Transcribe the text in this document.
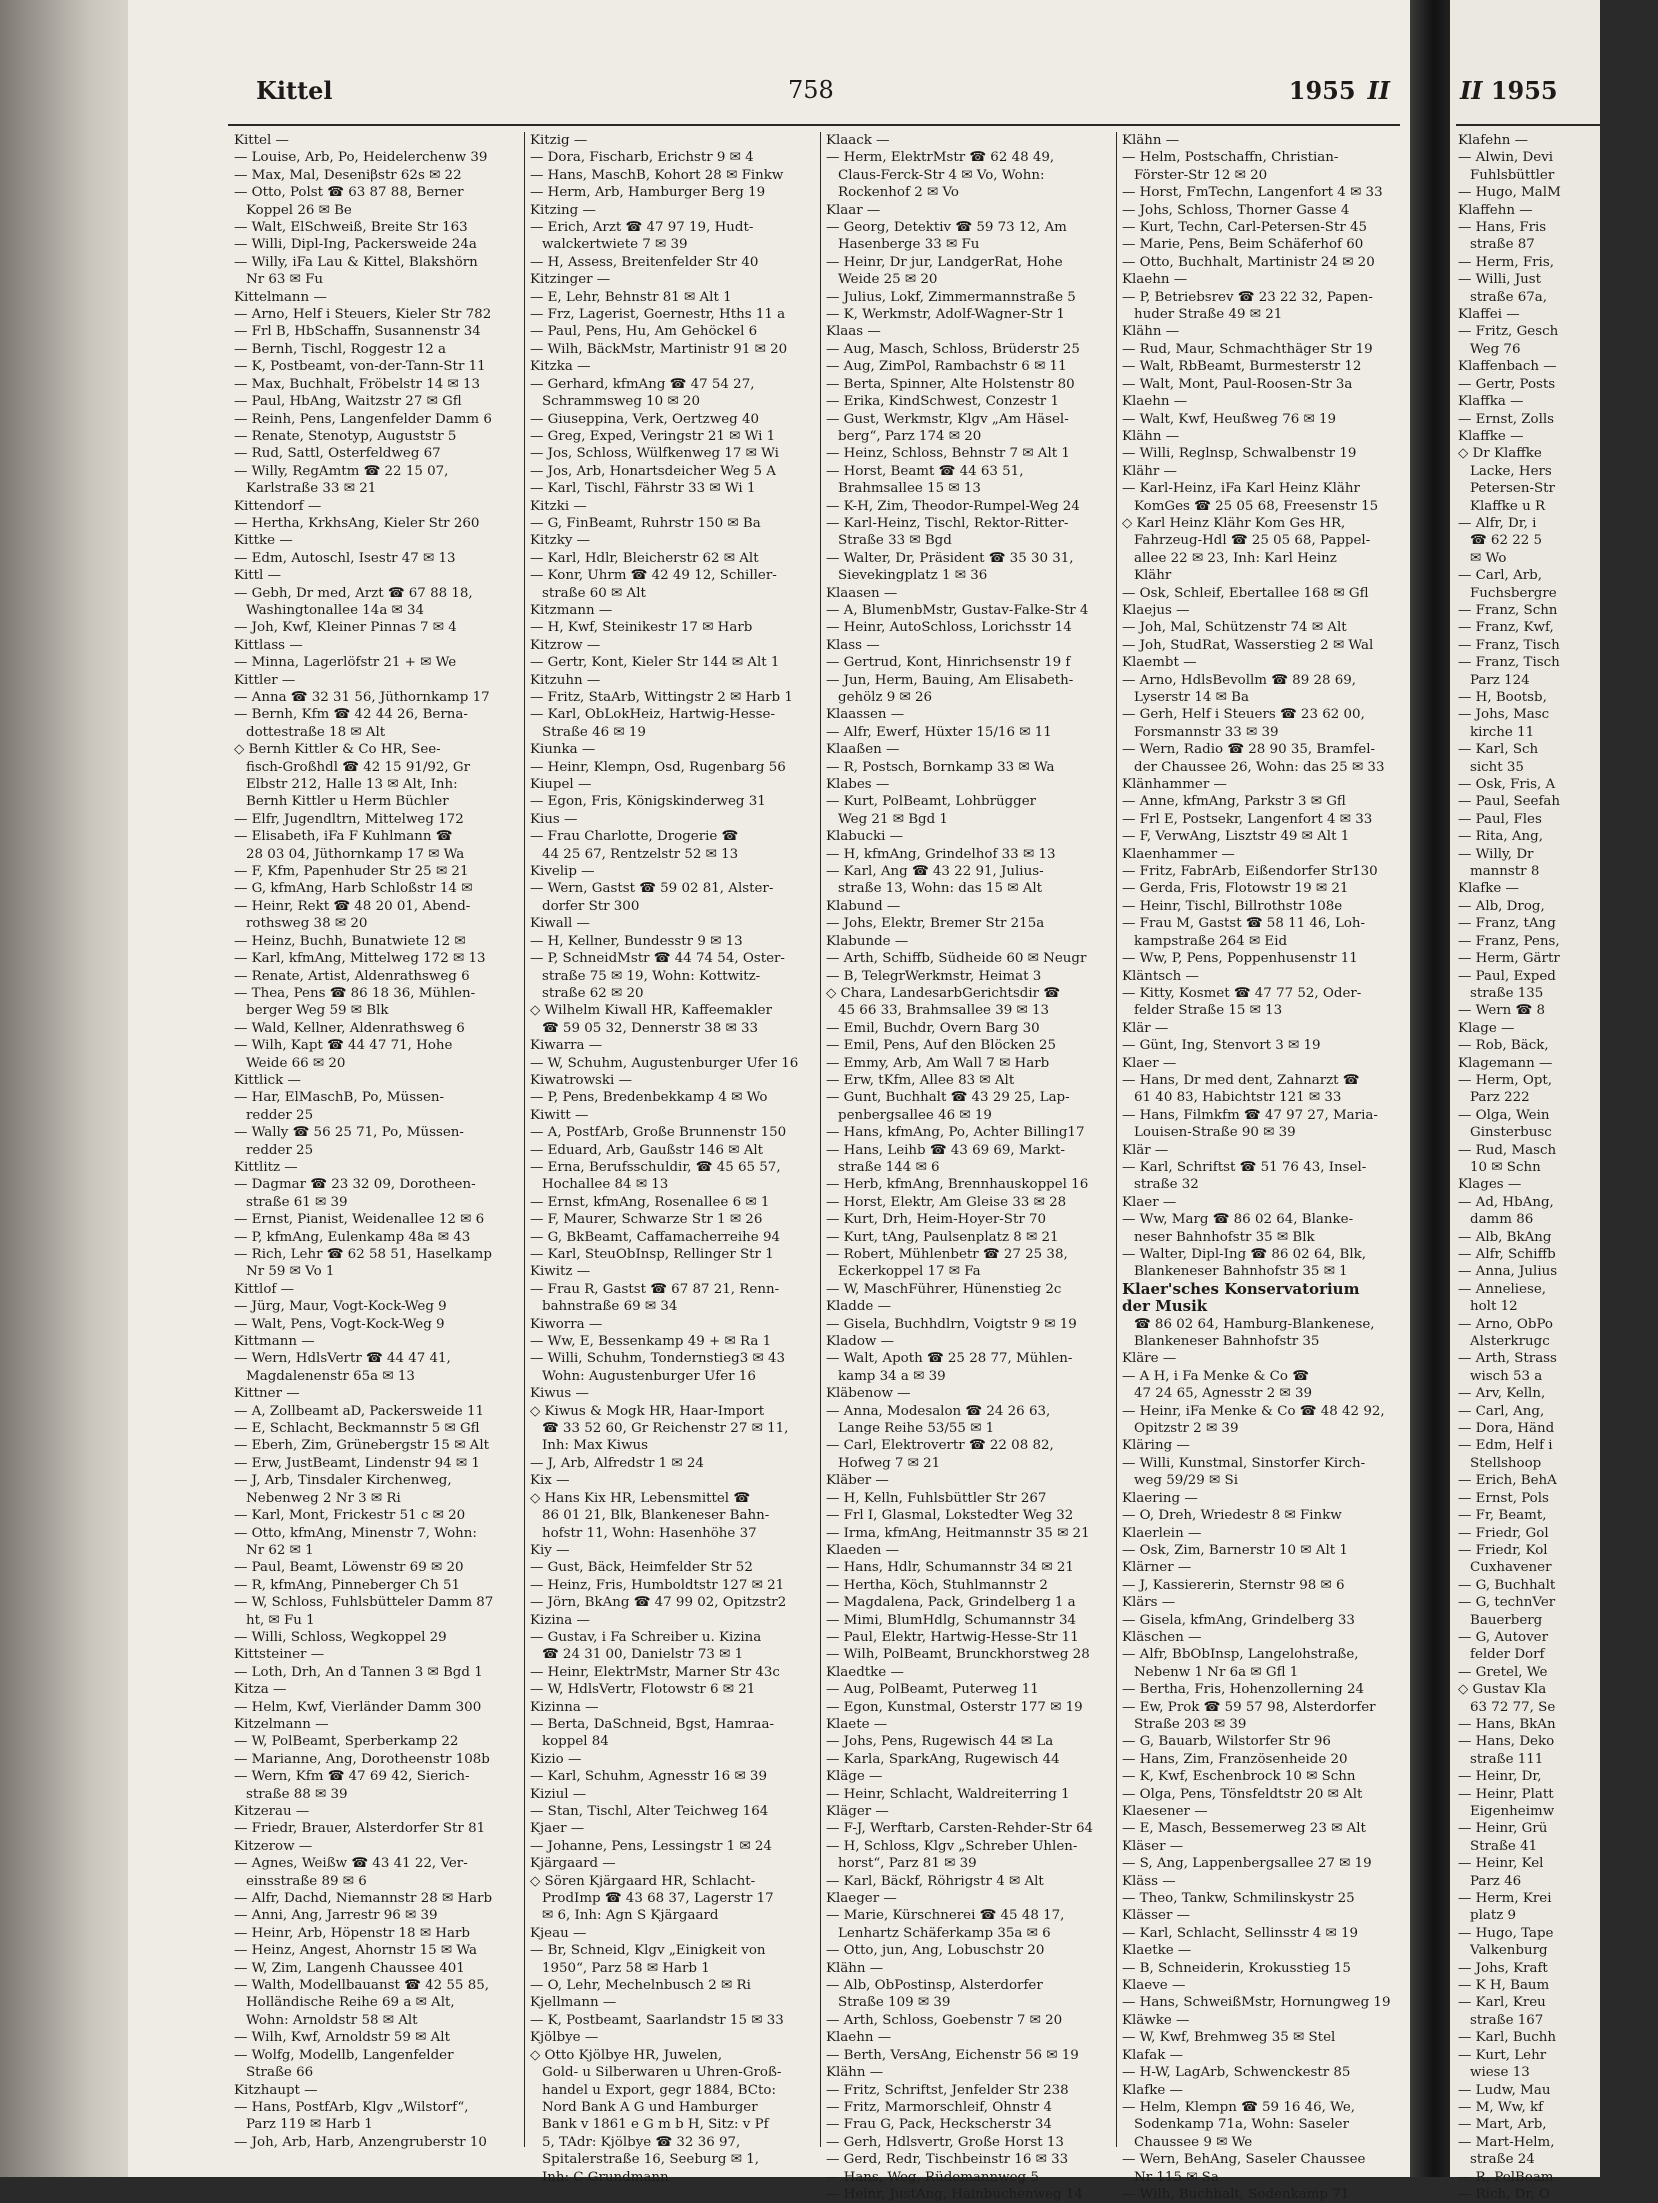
Kittel	758	1955 II
Kittel —
— Louise, Arb, Po, Heidelerchenw 39
— Max, Mal, Deseniβstr 62s ✉ 22
— Otto, Polst ☎ 63 87 88, Berner
Koppel 26 ✉ Be
— Walt, ElSchweiß, Breite Str 163
— Willi, Dipl-Ing, Packersweide 24a
— Willy, iFa Lau & Kittel, Blakshörn
Nr 63 ✉ Fu
Kittelmann —
— Arno, Helf i Steuers, Kieler Str 782
— Frl B, HbSchaffn, Susannenstr 34
— Bernh, Tischl, Roggestr 12 a
— K, Postbeamt, von-der-Tann-Str 11
— Max, Buchhalt, Fröbelstr 14 ✉ 13
— Paul, HbAng, Waitzstr 27 ✉ Gfl
— Reinh, Pens, Langenfelder Damm 6
— Renate, Stenotyp, Auguststr 5
— Rud, Sattl, Osterfeldweg 67
— Willy, RegAmtm ☎ 22 15 07,
Karlstraße 33 ✉ 21
Kittendorf —
— Hertha, KrkhsAng, Kieler Str 260
Kittke —
— Edm, Autoschl, Isestr 47 ✉ 13
Kittl —
— Gebh, Dr med, Arzt ☎ 67 88 18,
Washingtonallee 14a ✉ 34
— Joh, Kwf, Kleiner Pinnas 7 ✉ 4
Kittlass —
— Minna, Lagerlöfstr 21 + ✉ We
Kittler —
— Anna ☎ 32 31 56, Jüthornkamp 17
— Bernh, Kfm ☎ 42 44 26, Berna-
dottestraße 18 ✉ Alt
◇ Bernh Kittler & Co HR, See-
fisch-Großhdl ☎ 42 15 91/92, Gr
Elbstr 212, Halle 13 ✉ Alt, Inh:
Bernh Kittler u Herm Büchler
— Elfr, Jugendltrn, Mittelweg 172
— Elisabeth, iFa F Kuhlmann ☎
28 03 04, Jüthornkamp 17 ✉ Wa
— F, Kfm, Papenhuder Str 25 ✉ 21
— G, kfmAng, Harb Schloßstr 14 ✉
— Heinr, Rekt ☎ 48 20 01, Abend-
rothsweg 38 ✉ 20
— Heinz, Buchh, Bunatwiete 12 ✉
— Karl, kfmAng, Mittelweg 172 ✉ 13
— Renate, Artist, Aldenrathsweg 6
— Thea, Pens ☎ 86 18 36, Mühlen-
berger Weg 59 ✉ Blk
— Wald, Kellner, Aldenrathsweg 6
— Wilh, Kapt ☎ 44 47 71, Hohe
Weide 66 ✉ 20
Kittlick —
— Har, ElMaschB, Po, Müssen-
redder 25
— Wally ☎ 56 25 71, Po, Müssen-
redder 25
Kittlitz —
— Dagmar ☎ 23 32 09, Dorotheen-
straße 61 ✉ 39
— Ernst, Pianist, Weidenallee 12 ✉ 6
— P, kfmAng, Eulenkamp 48a ✉ 43
— Rich, Lehr ☎ 62 58 51, Haselkamp
Nr 59 ✉ Vo 1
Kittlof —
— Jürg, Maur, Vogt-Kock-Weg 9
— Walt, Pens, Vogt-Kock-Weg 9
Kittmann —
— Wern, HdlsVertr ☎ 44 47 41,
Magdalenenstr 65a ✉ 13
Kittner —
— A, Zollbeamt aD, Packersweide 11
— E, Schlacht, Beckmannstr 5 ✉ Gfl
— Eberh, Zim, Grünebergstr 15 ✉ Alt
— Erw, JustBeamt, Lindenstr 94 ✉ 1
— J, Arb, Tinsdaler Kirchenweg,
Nebenweg 2 Nr 3 ✉ Ri
— Karl, Mont, Frickestr 51 c ✉ 20
— Otto, kfmAng, Minenstr 7, Wohn:
Nr 62 ✉ 1
— Paul, Beamt, Löwenstr 69 ✉ 20
— R, kfmAng, Pinneberger Ch 51
— W, Schloss, Fuhlsbütteler Damm 87
ht, ✉ Fu 1
— Willi, Schloss, Wegkoppel 29
Kittsteiner —
— Loth, Drh, An d Tannen 3 ✉ Bgd 1
Kitza —
— Helm, Kwf, Vierländer Damm 300
Kitzelmann —
— W, PolBeamt, Sperberkamp 22
— Marianne, Ang, Dorotheenstr 108b
— Wern, Kfm ☎ 47 69 42, Sierich-
straße 88 ✉ 39
Kitzerau —
— Friedr, Brauer, Alsterdorfer Str 81
Kitzerow —
— Agnes, Weißw ☎ 43 41 22, Ver-
einsstraße 89 ✉ 6
— Alfr, Dachd, Niemannstr 28 ✉ Harb
— Anni, Ang, Jarrestr 96 ✉ 39
— Heinr, Arb, Höpenstr 18 ✉ Harb
— Heinz, Angest, Ahornstr 15 ✉ Wa
— W, Zim, Langenh Chaussee 401
— Walth, Modellbauanst ☎ 42 55 85,
Holländische Reihe 69 a ✉ Alt,
Wohn: Arnoldstr 58 ✉ Alt
— Wilh, Kwf, Arnoldstr 59 ✉ Alt
— Wolfg, Modellb, Langenfelder
Straße 66
Kitzhaupt —
— Hans, PostfArb, Klgv „Wilstorf“,
Parz 119 ✉ Harb 1
— Joh, Arb, Harb, Anzengruberstr 10
Kitzig —
— Dora, Fischarb, Erichstr 9 ✉ 4
— Hans, MaschB, Kohort 28 ✉ Finkw
— Herm, Arb, Hamburger Berg 19
Kitzing —
— Erich, Arzt ☎ 47 97 19, Hudt-
walckertwiete 7 ✉ 39
— H, Assess, Breitenfelder Str 40
Kitzinger —
— E, Lehr, Behnstr 81 ✉ Alt 1
— Frz, Lagerist, Goernestr, Hths 11 a
— Paul, Pens, Hu, Am Gehöckel 6
— Wilh, BäckMstr, Martinistr 91 ✉ 20
Kitzka —
— Gerhard, kfmAng ☎ 47 54 27,
Schrammsweg 10 ✉ 20
— Giuseppina, Verk, Oertzweg 40
— Greg, Exped, Veringstr 21 ✉ Wi 1
— Jos, Schloss, Wülfkenweg 17 ✉ Wi
— Jos, Arb, Honartsdeicher Weg 5 A
— Karl, Tischl, Fährstr 33 ✉ Wi 1
Kitzki —
— G, FinBeamt, Ruhrstr 150 ✉ Ba
Kitzky —
— Karl, Hdlr, Bleicherstr 62 ✉ Alt
— Konr, Uhrm ☎ 42 49 12, Schiller-
straße 60 ✉ Alt
Kitzmann —
— H, Kwf, Steinikestr 17 ✉ Harb
Kitzrow —
— Gertr, Kont, Kieler Str 144 ✉ Alt 1
Kitzuhn —
— Fritz, StaArb, Wittingstr 2 ✉ Harb 1
— Karl, ObLokHeiz, Hartwig-Hesse-
Straße 46 ✉ 19
Kiunka —
— Heinr, Klempn, Osd, Rugenbarg 56
Kiupel —
— Egon, Fris, Königskinderweg 31
Kius —
— Frau Charlotte, Drogerie ☎
44 25 67, Rentzelstr 52 ✉ 13
Kivelip —
— Wern, Gastst ☎ 59 02 81, Alster-
dorfer Str 300
Kiwall —
— H, Kellner, Bundesstr 9 ✉ 13
— P, SchneidMstr ☎ 44 74 54, Oster-
straße 75 ✉ 19, Wohn: Kottwitz-
straße 62 ✉ 20
◇ Wilhelm Kiwall HR, Kaffeemakler
☎ 59 05 32, Dennerstr 38 ✉ 33
Kiwarra —
— W, Schuhm, Augustenburger Ufer 16
Kiwatrowski —
— P, Pens, Bredenbekkamp 4 ✉ Wo
Kiwitt —
— A, PostfArb, Große Brunnenstr 150
— Eduard, Arb, Gaußstr 146 ✉ Alt
— Erna, Berufsschuldir, ☎ 45 65 57,
Hochallee 84 ✉ 13
— Ernst, kfmAng, Rosenallee 6 ✉ 1
— F, Maurer, Schwarze Str 1 ✉ 26
— G, BkBeamt, Caffamacherreihe 94
— Karl, SteuObInsp, Rellinger Str 1
Kiwitz —
— Frau R, Gastst ☎ 67 87 21, Renn-
bahnstraße 69 ✉ 34
Kiworra —
— Ww, E, Bessenkamp 49 + ✉ Ra 1
— Willi, Schuhm, Tondernstieg3 ✉ 43
Wohn: Augustenburger Ufer 16
Kiwus —
◇ Kiwus & Mogk HR, Haar-Import
☎ 33 52 60, Gr Reichenstr 27 ✉ 11,
Inh: Max Kiwus
— J, Arb, Alfredstr 1 ✉ 24
Kix —
◇ Hans Kix HR, Lebensmittel ☎
86 01 21, Blk, Blankeneser Bahn-
hofstr 11, Wohn: Hasenhöhe 37
Kiy —
— Gust, Bäck, Heimfelder Str 52
— Heinz, Fris, Humboldtstr 127 ✉ 21
— Jörn, BkAng ☎ 47 99 02, Opitzstr2
Kizina —
— Gustav, i Fa Schreiber u. Kizina
☎ 24 31 00, Danielstr 73 ✉ 1
— Heinr, ElektrMstr, Marner Str 43c
— W, HdlsVertr, Flotowstr 6 ✉ 21
Kizinna —
— Berta, DaSchneid, Bgst, Hamraa-
koppel 84
Kizio —
— Karl, Schuhm, Agnesstr 16 ✉ 39
Kiziul —
— Stan, Tischl, Alter Teichweg 164
Kjaer —
— Johanne, Pens, Lessingstr 1 ✉ 24
Kjärgaard —
◇ Sören Kjärgaard HR, Schlacht-
ProdImp ☎ 43 68 37, Lagerstr 17
✉ 6, Inh: Agn S Kjärgaard
Kjeau —
— Br, Schneid, Klgv „Einigkeit von
1950“, Parz 58 ✉ Harb 1
— O, Lehr, Mechelnbusch 2 ✉ Ri
Kjellmann —
— K, Postbeamt, Saarlandstr 15 ✉ 33
Kjölbye —
◇ Otto Kjölbye HR, Juwelen,
Gold- u Silberwaren u Uhren-Groß-
handel u Export, gegr 1884, BCto:
Nord Bank A G und Hamburger
Bank v 1861 e G m b H, Sitz: v Pf
5, TAdr: Kjölbye ☎ 32 36 97,
Spitalerstraße 16, Seeburg ✉ 1,
Inh: C Grundmann
Klaack —
— Herm, ElektrMstr ☎ 62 48 49,
Claus-Ferck-Str 4 ✉ Vo, Wohn:
Rockenhof 2 ✉ Vo
Klaar —
— Georg, Detektiv ☎ 59 73 12, Am
Hasenberge 33 ✉ Fu
— Heinr, Dr jur, LandgerRat, Hohe
Weide 25 ✉ 20
— Julius, Lokf, Zimmermannstraße 5
— K, Werkmstr, Adolf-Wagner-Str 1
Klaas —
— Aug, Masch, Schloss, Brüderstr 25
— Aug, ZimPol, Rambachstr 6 ✉ 11
— Berta, Spinner, Alte Holstenstr 80
— Erika, KindSchwest, Conzestr 1
— Gust, Werkmstr, Klgv „Am Häsel-
berg“, Parz 174 ✉ 20
— Heinz, Schloss, Behnstr 7 ✉ Alt 1
— Horst, Beamt ☎ 44 63 51,
Brahmsallee 15 ✉ 13
— K-H, Zim, Theodor-Rumpel-Weg 24
— Karl-Heinz, Tischl, Rektor-Ritter-
Straße 33 ✉ Bgd
— Walter, Dr, Präsident ☎ 35 30 31,
Sievekingplatz 1 ✉ 36
Klaasen —
— A, BlumenbMstr, Gustav-Falke-Str 4
— Heinr, AutoSchloss, Lorichsstr 14
Klass —
— Gertrud, Kont, Hinrichsenstr 19 f
— Jun, Herm, Bauing, Am Elisabeth-
gehölz 9 ✉ 26
Klaassen —
— Alfr, Ewerf, Hüxter 15/16 ✉ 11
Klaaßen —
— R, Postsch, Bornkamp 33 ✉ Wa
Klabes —
— Kurt, PolBeamt, Lohbrügger
Weg 21 ✉ Bgd 1
Klabucki —
— H, kfmAng, Grindelhof 33 ✉ 13
— Karl, Ang ☎ 43 22 91, Julius-
straße 13, Wohn: das 15 ✉ Alt
Klabund —
— Johs, Elektr, Bremer Str 215a
Klabunde —
— Arth, Schiffb, Südheide 60 ✉ Neugr
— B, TelegrWerkmstr, Heimat 3
◇ Chara, LandesarbGerichtsdir ☎
45 66 33, Brahmsallee 39 ✉ 13
— Emil, Buchdr, Overn Barg 30
— Emil, Pens, Auf den Blöcken 25
— Emmy, Arb, Am Wall 7 ✉ Harb
— Erw, tKfm, Allee 83 ✉ Alt
— Gunt, Buchhalt ☎ 43 29 25, Lap-
penbergsallee 46 ✉ 19
— Hans, kfmAng, Po, Achter Billing17
— Hans, Leihb ☎ 43 69 69, Markt-
straße 144 ✉ 6
— Herb, kfmAng, Brennhauskoppel 16
— Horst, Elektr, Am Gleise 33 ✉ 28
— Kurt, Drh, Heim-Hoyer-Str 70
— Kurt, tAng, Paulsenplatz 8 ✉ 21
— Robert, Mühlenbetr ☎ 27 25 38,
Eckerkoppel 17 ✉ Fa
— W, MaschFührer, Hünenstieg 2c
Kladde —
— Gisela, Buchhdlrn, Voigtstr 9 ✉ 19
Kladow —
— Walt, Apoth ☎ 25 28 77, Mühlen-
kamp 34 a ✉ 39
Kläbenow —
— Anna, Modesalon ☎ 24 26 63,
Lange Reihe 53/55 ✉ 1
— Carl, Elektrovertr ☎ 22 08 82,
Hofweg 7 ✉ 21
Kläber —
— H, Kelln, Fuhlsbüttler Str 267
— Frl I, Glasmal, Lokstedter Weg 32
— Irma, kfmAng, Heitmannstr 35 ✉ 21
Klaeden —
— Hans, Hdlr, Schumannstr 34 ✉ 21
— Hertha, Köch, Stuhlmannstr 2
— Magdalena, Pack, Grindelberg 1 a
— Mimi, BlumHdlg, Schumannstr 34
— Paul, Elektr, Hartwig-Hesse-Str 11
— Wilh, PolBeamt, Brunckhorstweg 28
Klaedtke —
— Aug, PolBeamt, Puterweg 11
— Egon, Kunstmal, Osterstr 177 ✉ 19
Klaete —
— Johs, Pens, Rugewisch 44 ✉ La
— Karla, SparkAng, Rugewisch 44
Kläge —
— Heinr, Schlacht, Waldreiterring 1
Kläger —
— F-J, Werftarb, Carsten-Rehder-Str 64
— H, Schloss, Klgv „Schreber Uhlen-
horst“, Parz 81 ✉ 39
— Karl, Bäckf, Röhrigstr 4 ✉ Alt
Klaeger —
— Marie, Kürschnerei ☎ 45 48 17,
Lenhartz Schäferkamp 35a ✉ 6
— Otto, jun, Ang, Lobuschstr 20
Klähn —
— Alb, ObPostinsp, Alsterdorfer
Straße 109 ✉ 39
— Arth, Schloss, Goebenstr 7 ✉ 20
Klaehn —
— Berth, VersAng, Eichenstr 56 ✉ 19
Klähn —
— Fritz, Schriftst, Jenfelder Str 238
— Fritz, Marmorschleif, Ohnstr 4
— Frau G, Pack, Heckscherstr 34
— Gerh, Hdlsvertr, Große Horst 13
— Gerd, Redr, Tischbeinstr 16 ✉ 33
— Hans, Weg, Rüdemannweg 5
— Heinr, JustAng, Hainbuchenweg 14
Klähn —
— Helm, Postschaffn, Christian-
Förster-Str 12 ✉ 20
— Horst, FmTechn, Langenfort 4 ✉ 33
— Johs, Schloss, Thorner Gasse 4
— Kurt, Techn, Carl-Petersen-Str 45
— Marie, Pens, Beim Schäferhof 60
— Otto, Buchhalt, Martinistr 24 ✉ 20
Klaehn —
— P, Betriebsrev ☎ 23 22 32, Papen-
huder Straße 49 ✉ 21
Klähn —
— Rud, Maur, Schmachthäger Str 19
— Walt, RbBeamt, Burmesterstr 12
— Walt, Mont, Paul-Roosen-Str 3a
Klaehn —
— Walt, Kwf, Heußweg 76 ✉ 19
Klähn —
— Willi, Reglnsp, Schwalbenstr 19
Klähr —
— Karl-Heinz, iFa Karl Heinz Klähr
KomGes ☎ 25 05 68, Freesenstr 15
◇ Karl Heinz Klähr Kom Ges HR,
Fahrzeug-Hdl ☎ 25 05 68, Pappel-
allee 22 ✉ 23, Inh: Karl Heinz
Klähr
— Osk, Schleif, Ebertallee 168 ✉ Gfl
Klaejus —
— Joh, Mal, Schützenstr 74 ✉ Alt
— Joh, StudRat, Wasserstieg 2 ✉ Wal
Klaembt —
— Arno, HdlsBevollm ☎ 89 28 69,
Lyserstr 14 ✉ Ba
— Gerh, Helf i Steuers ☎ 23 62 00,
Forsmannstr 33 ✉ 39
— Wern, Radio ☎ 28 90 35, Bramfel-
der Chaussee 26, Wohn: das 25 ✉ 33
Klänhammer —
— Anne, kfmAng, Parkstr 3 ✉ Gfl
— Frl E, Postsekr, Langenfort 4 ✉ 33
— F, VerwAng, Lisztstr 49 ✉ Alt 1
Klaenhammer —
— Fritz, FabrArb, Eißendorfer Str130
— Gerda, Fris, Flotowstr 19 ✉ 21
— Heinr, Tischl, Billrothstr 108e
— Frau M, Gastst ☎ 58 11 46, Loh-
kampstraße 264 ✉ Eid
— Ww, P, Pens, Poppenhusenstr 11
Kläntsch —
— Kitty, Kosmet ☎ 47 77 52, Oder-
felder Straße 15 ✉ 13
Klär —
— Günt, Ing, Stenvort 3 ✉ 19
Klaer —
— Hans, Dr med dent, Zahnarzt ☎
61 40 83, Habichtstr 121 ✉ 33
— Hans, Filmkfm ☎ 47 97 27, Maria-
Louisen-Straße 90 ✉ 39
Klär —
— Karl, Schriftst ☎ 51 76 43, Insel-
straße 32
Klaer —
— Ww, Marg ☎ 86 02 64, Blanke-
neser Bahnhofstr 35 ✉ Blk
— Walter, Dipl-Ing ☎ 86 02 64, Blk,
Blankeneser Bahnhofstr 35 ✉ 1
Klaer'sches Konservatorium
der Musik
☎ 86 02 64, Hamburg-Blankenese,
Blankeneser Bahnhofstr 35
Kläre —
— A H, i Fa Menke & Co ☎
47 24 65, Agnesstr 2 ✉ 39
— Heinr, iFa Menke & Co ☎ 48 42 92,
Opitzstr 2 ✉ 39
Kläring —
— Willi, Kunstmal, Sinstorfer Kirch-
weg 59/29 ✉ Si
Klaering —
— O, Dreh, Wriedestr 8 ✉ Finkw
Klaerlein —
— Osk, Zim, Barnerstr 10 ✉ Alt 1
Klärner —
— J, Kassiererin, Sternstr 98 ✉ 6
Klärs —
— Gisela, kfmAng, Grindelberg 33
Kläschen —
— Alfr, BbObInsp, Langelohstraße,
Nebenw 1 Nr 6a ✉ Gfl 1
— Bertha, Fris, Hohenzollerning 24
— Ew, Prok ☎ 59 57 98, Alsterdorfer
Straße 203 ✉ 39
— G, Bauarb, Wilstorfer Str 96
— Hans, Zim, Französenheide 20
— K, Kwf, Eschenbrock 10 ✉ Schn
— Olga, Pens, Tönsfeldtstr 20 ✉ Alt
Klaesener —
— E, Masch, Bessemerweg 23 ✉ Alt
Kläser —
— S, Ang, Lappenbergsallee 27 ✉ 19
Kläss —
— Theo, Tankw, Schmilinskystr 25
Klässer —
— Karl, Schlacht, Sellinsstr 4 ✉ 19
Klaetke —
— B, Schneiderin, Krokusstieg 15
Klaeve —
— Hans, SchweißMstr, Hornungweg 19
Kläwke —
— W, Kwf, Brehmweg 35 ✉ Stel
Klafak —
— H-W, LagArb, Schwenckestr 85
Klafke —
— Helm, Klempn ☎ 59 16 46, We,
Sodenkamp 71a, Wohn: Saseler
Chaussee 9 ✉ We
— Wern, BehAng, Saseler Chaussee
Nr 115 ✉ Sa
— Wilh, Buchhalt, Sodenkamp 71
II 1955
Klafehn —
— Alwin, Devi
Fuhlsbüttler
— Hugo, MalM
Klaffehn —
— Hans, Fris
straße 87
— Herm, Fris,
— Willi, Just
straße 67a,
Klaffei —
— Fritz, Gesch
Weg 76
Klaffenbach —
— Gertr, Posts
Klaffka —
— Ernst, Zolls
Klaffke —
◇ Dr Klaffke
Lacke, Hers
Petersen-Str
Klaffke u R
— Alfr, Dr, i
☎ 62 22 5
✉ Wo
— Carl, Arb,
Fuchsbergre
— Franz, Schn
— Franz, Kwf,
— Franz, Tisch
— Franz, Tisch
Parz 124
— H, Bootsb,
— Johs, Masc
kirche 11
— Karl, Sch
sicht 35
— Osk, Fris, A
— Paul, Seefah
— Paul, Fles
— Rita, Ang,
— Willy, Dr
mannstr 8
Klafke —
— Alb, Drog,
— Franz, tAng
— Franz, Pens,
— Herm, Gärtr
— Paul, Exped
straße 135
— Wern ☎ 8
Klage —
— Rob, Bäck,
Klagemann —
— Herm, Opt,
Parz 222
— Olga, Wein
Ginsterbusc
— Rud, Masch
10 ✉ Schn
Klages —
— Ad, HbAng,
damm 86
— Alb, BkAng
— Alfr, Schiffb
— Anna, Julius
— Anneliese,
holt 12
— Arno, ObPo
Alsterkrugc
— Arth, Strass
wisch 53 a
— Arv, Kelln,
— Carl, Ang,
— Dora, Händ
— Edm, Helf i
Stellshoop
— Erich, BehA
— Ernst, Pols
— Fr, Beamt,
— Friedr, Gol
— Friedr, Kol
Cuxhavener
— G, Buchhalt
— G, technVer
Bauerberg
— G, Autover
felder Dorf
— Gretel, We
◇ Gustav Kla
63 72 77, Se
— Hans, BkAn
— Hans, Deko
straße 111
— Heinr, Dr,
— Heinr, Platt
Eigenheimw
— Heinr, Grü
Straße 41
— Heinr, Kel
Parz 46
— Herm, Krei
platz 9
— Hugo, Tape
Valkenburg
— Johs, Kraft
— K H, Baum
— Karl, Kreu
straße 167
— Karl, Buchh
— Kurt, Lehr
wiese 13
— Ludw, Mau
— M, Ww, kf
— Mart, Arb,
— Mart-Helm,
straße 24
— R, PolBeam
— Rich, Dr, O
